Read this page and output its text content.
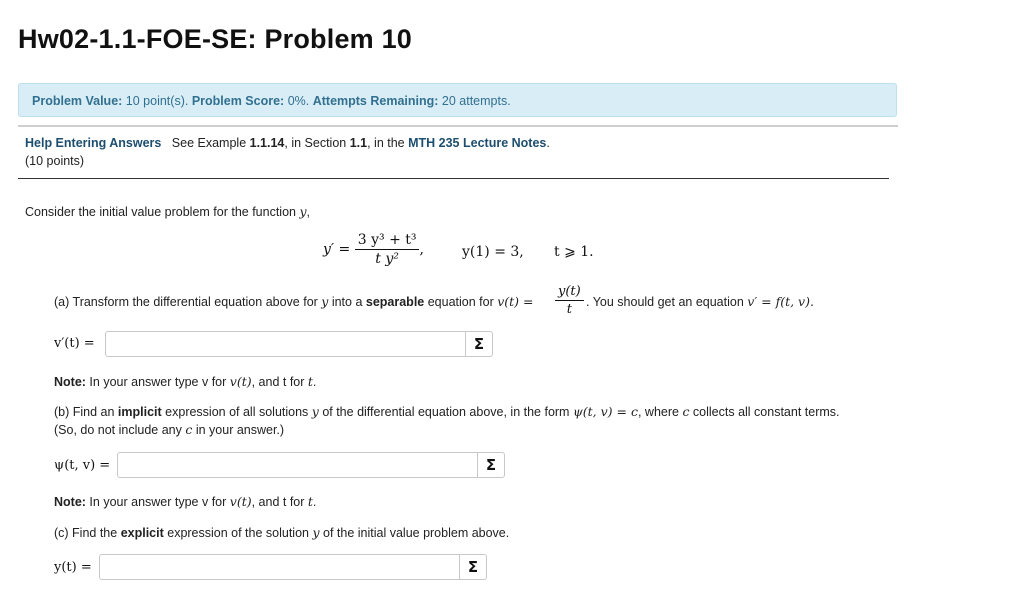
Hw02-1.1-FOE-SE: Problem 10
Problem Value: 10 point(s). Problem Score: 0%. Attempts Remaining: 20 attempts.
Help Entering Answers See Example 1.1.14, in Section 1.1, in the MTH 235 Lecture Notes.
(10 points)
Consider the initial value problem for the function y,
$y' = \frac{\text{3 y³ + t³}}{\text{t y²}}$ ,	y(1) = 3, t ⩾ 1.
(a) Transform the differential equation above for y into a separable equation for $v(t) = \frac{y(t)}{t}$ . You should get an equation v′ = f(t, v).
v′(t) =	Σ
Note: In your answer type v for v(t), and t for t.
(b) Find an implicit expression of all solutions y of the differential equation above, in the form ψ(t, v) = c, where c collects all constant terms.
(So, do not include any c in your answer.)
ψ(t, v) =	Σ
Note: In your answer type v for v(t), and t for t.
(c) Find the explicit expression of the solution y of the initial value problem above.
y(t) =	Σ
